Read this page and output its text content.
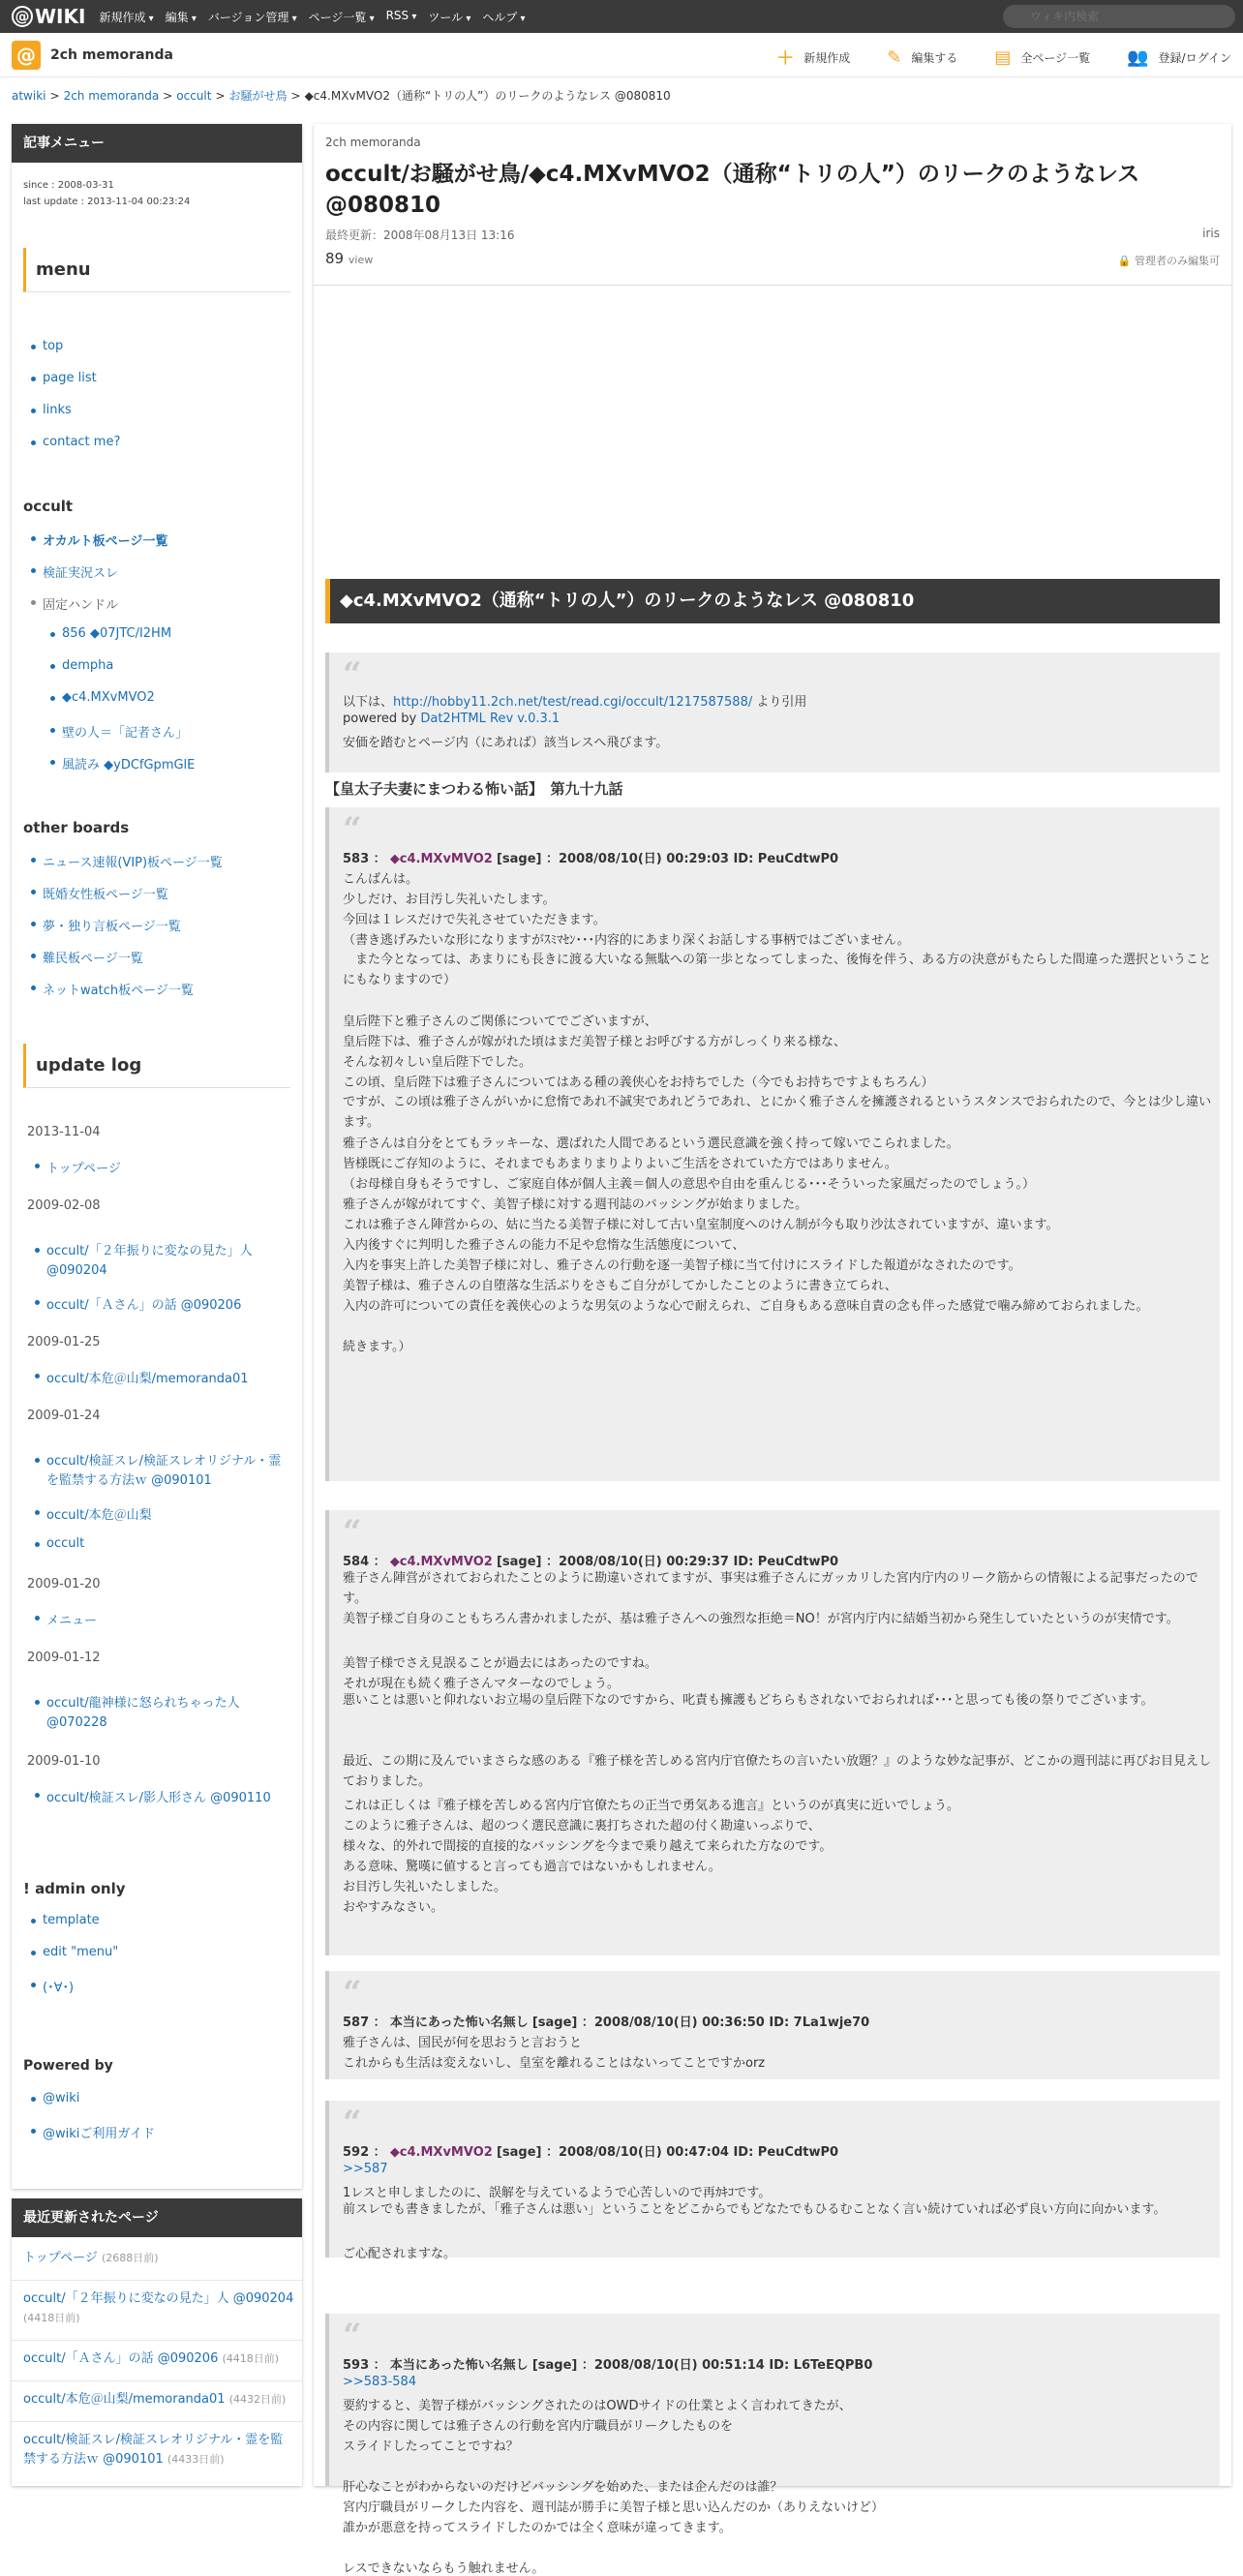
@ WIKI 新規作成 ▾	編集 ▾	バージョン管理 ▾	ページ一覧 ▾	RSS ▾	ツール ▾	ヘルプ ▾
ウィキ内検索
@	2ch memoranda	＋ 新規作成 ✎ 編集する ▤ 全ページ一覧 👥 登録/ログイン
atwiki > 2ch memoranda > occult > お騒がせ鳥 > ◆c4.MXvMVO2（通称“トリの人”）のリークのようなレス @080810
記事メニュー
since : 2008-03-31
last update : 2013-11-04 00:23:24
menu
top
page list
links
contact me?
occult
オカルト板ページ一覧
検証実況スレ
固定ハンドル
856 ◆07JTC/I2HM
dempha
◆c4.MXvMVO2
壁の人＝「記者さん」
風読み ◆yDCfGpmGlE
other boards
ニュース速報(VIP)板ページ一覧
既婚女性板ページ一覧
夢・独り言板ページ一覧
難民板ページ一覧
ネットwatch板ページ一覧
update log
2013-11-04
トップページ
2009-02-08
occult/「２年振りに変なの見た」人 @090204
occult/「Ａさん」の話 @090206
2009-01-25
occult/本危＠山梨/memoranda01
2009-01-24
occult/検証スレ/検証スレオリジナル・霊を監禁する方法ｗ @090101
occult/本危＠山梨
occult
2009-01-20
メニュー
2009-01-12
occult/龍神様に怒られちゃった人 @070228
2009-01-10
occult/検証スレ/影人形さん @090110
! admin only
template
edit "menu"
(･∀･)
Powered by
@wiki
@wikiご利用ガイド
最近更新されたページ
トップページ (2688日前)
occult/「２年振りに変なの見た」人 @090204 (4418日前)
occult/「Ａさん」の話 @090206 (4418日前)
occult/本危＠山梨/memoranda01 (4432日前)
occult/検証スレ/検証スレオリジナル・霊を監禁する方法ｗ @090101 (4433日前)
2ch memoranda
occult/お騒がせ鳥/◆c4.MXvMVO2（通称“トリの人”）のリークのようなレス @080810
最終更新：2008年08月13日 13:16	iris
89 view	🔒 管理者のみ編集可
◆c4.MXvMVO2（通称“トリの人”）のリークのようなレス @080810
“
以下は、http://hobby11.2ch.net/test/read.cgi/occult/1217587588/ より引用
powered by Dat2HTML Rev v.0.3.1
安価を踏むとページ内（にあれば）該当レスへ飛びます。
【皇太子夫妻にまつわる怖い話】　第九十九話
“
583 ： ◆c4.MXvMVO2 [sage] ：2008/08/10(日) 00:29:03 ID: PeuCdtwP0
こんばんは。
少しだけ、お目汚し失礼いたします。
今回は１レスだけで失礼させていただきます。
（書き逃げみたいな形になりますがｽﾐﾏｾﾝ･･･内容的にあまり深くお話しする事柄ではございません。
　また今となっては、あまりにも長きに渡る大いなる無駄への第一歩となってしまった、後悔を伴う、ある方の決意がもたらした間違った選択ということにもなりますので）
皇后陛下と雅子さんのご関係についてでございますが、
皇后陛下は、雅子さんが嫁がれた頃はまだ美智子様とお呼びする方がしっくり来る様な、
そんな初々しい皇后陛下でした。
この頃、皇后陛下は雅子さんについてはある種の義侠心をお持ちでした（今でもお持ちですよもちろん）
ですが、この頃は雅子さんがいかに怠惰であれ不誠実であれどうであれ、とにかく雅子さんを擁護されるというスタンスでおられたので、今とは少し違います。
雅子さんは自分をとてもラッキーな、選ばれた人間であるという選民意識を強く持って嫁いでこられました。
皆様既にご存知のように、それまでもあまりまりよりよいご生活をされていた方ではありません。
（お母様自身もそうですし、ご家庭自体が個人主義＝個人の意思や自由を重んじる･･･そういった家風だったのでしょう。）
雅子さんが嫁がれてすぐ、美智子様に対する週刊誌のバッシングが始まりました。
これは雅子さん陣営からの、姑に当たる美智子様に対して古い皇室制度へのけん制が今も取り沙汰されていますが、違います。
入内後すぐに判明した雅子さんの能力不足や怠惰な生活態度について、
入内を事実上許した美智子様に対し、雅子さんの行動を逐一美智子様に当て付けにスライドした報道がなされたのです。
美智子様は、雅子さんの自堕落な生活ぶりをさもご自分がしてかしたことのように書き立てられ、
入内の許可についての責任を義侠心のような男気のような心で耐えられ、ご自身もある意味自責の念も伴った感覚で噛み締めておられました。
続きます。）
“
584 ： ◆c4.MXvMVO2 [sage] ：2008/08/10(日) 00:29:37 ID: PeuCdtwP0
雅子さん陣営がされておられたことのように勘違いされてますが、事実は雅子さんにガッカリした宮内庁内のリーク筋からの情報による記事だったのです。
美智子様ご自身のこともちろん書かれましたが、基は雅子さんへの強烈な拒絶＝NO！が宮内庁内に結婚当初から発生していたというのが実情です。
美智子様でさえ見誤ることが過去にはあったのですね。
それが現在も続く雅子さんマターなのでしょう。
悪いことは悪いと仰れないお立場の皇后陛下なのですから、叱責も擁護もどちらもされないでおられれば･･･と思っても後の祭りでございます。
最近、この期に及んでいまさらな感のある『雅子様を苦しめる宮内庁官僚たちの言いたい放題？』のような妙な記事が、どこかの週刊誌に再びお目見えしておりました。
これは正しくは『雅子様を苦しめる宮内庁官僚たちの正当で勇気ある進言』というのが真実に近いでしょう。
このように雅子さんは、超のつく選民意識に裏打ちされた超の付く勘違いっぷりで、
様々な、的外れで間接的直接的なバッシングを今まで乗り越えて来られた方なのです。
ある意味、驚嘆に値すると言っても過言ではないかもしれません。
お目汚し失礼いたしました。
おやすみなさい。
“
587 ： 本当にあった怖い名無し [sage] ：2008/08/10(日) 00:36:50 ID: 7La1wje70
雅子さんは、国民が何を思おうと言おうと
これからも生活は変えないし、皇室を離れることはないってことですかorz
“
592 ： ◆c4.MXvMVO2 [sage] ：2008/08/10(日) 00:47:04 ID: PeuCdtwP0
>>587
1レスと申しましたのに、誤解を与えているようで心苦しいので再ｶｷｺです。
前スレでも書きましたが、「雅子さんは悪い」ということをどこからでもどなたでもひるむことなく言い続けていれば必ず良い方向に向かいます。
ご心配されますな。
“
593 ： 本当にあった怖い名無し [sage] ：2008/08/10(日) 00:51:14 ID: L6TeEQPB0
>>583-584
要約すると、美智子様がバッシングされたのはOWDサイドの仕業とよく言われてきたが、
その内容に関しては雅子さんの行動を宮内庁職員がリークしたものを
スライドしたってことですね？
肝心なことがわからないのだけどバッシングを始めた、または企んだのは誰？
宮内庁職員がリークした内容を、週刊誌が勝手に美智子様と思い込んだのか（ありえないけど）
誰かが悪意を持ってスライドしたのかでは全く意味が違ってきます。
レスできないならもう触れません。
